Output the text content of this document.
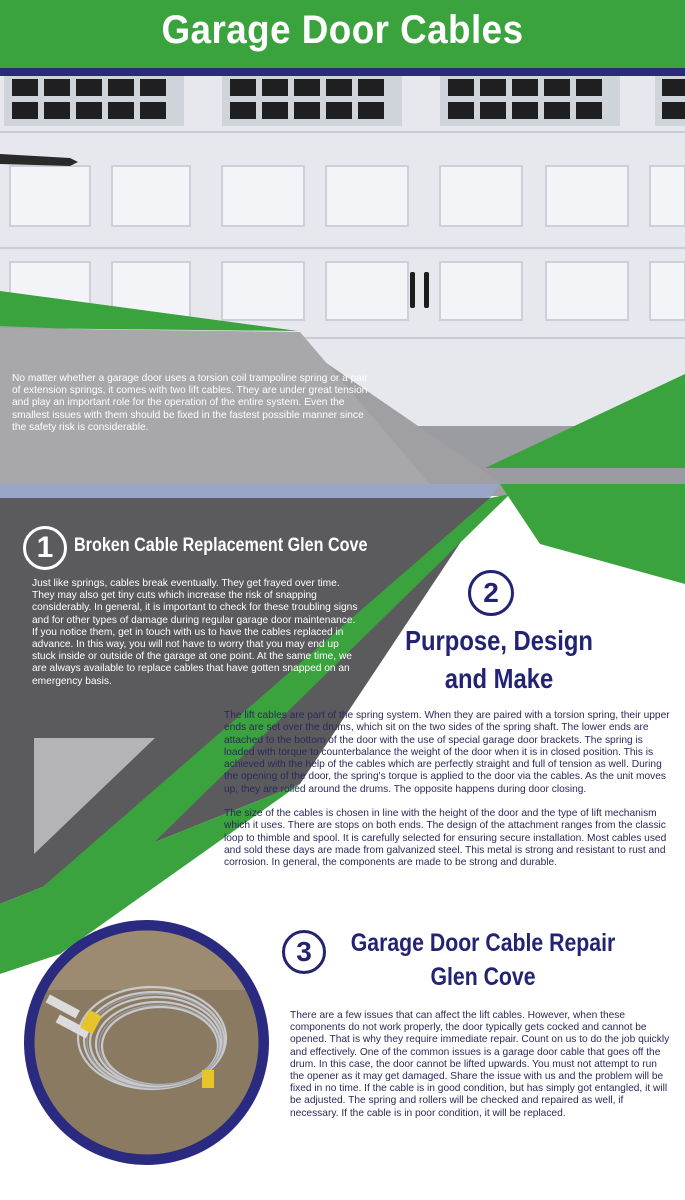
Garage Door Cables
No matter whether a garage door uses a torsion coil trampoline spring or a pair of extension springs, it comes with two lift cables. They are under great tension and play an important role for the operation of the entire system. Even the smallest issues with them should be fixed in the fastest possible manner since the safety risk is considerable.
1	Broken Cable Replacement Glen Cove
Just like springs, cables break eventually. They get frayed over time. They may also get tiny cuts which increase the risk of snapping considerably. In general, it is important to check for these troubling signs and for other types of damage during regular garage door maintenance. If you notice them, get in touch with us to have the cables replaced in advance. In this way, you will not have to worry that you may end up stuck inside or outside of the garage at one point. At the same time, we are always available to replace cables that have gotten snapped on an emergency basis.
2
Purpose, Design
and Make

The lift cables are part of the spring system. When they are paired with a torsion spring, their upper ends are set over the drums, which sit on the two sides of the spring shaft. The lower ends are attached to the bottom of the door with the use of special garage door brackets. The spring is loaded with torque to counterbalance the weight of the door when it is in closed position. This is achieved with the help of the cables which are perfectly straight and full of tension as well. During the opening of the door, the spring's torque is applied to the door via the cables. As the unit moves up, they are rolled around the drums. The opposite happens during door closing.

The size of the cables is chosen in line with the height of the door and the type of lift mechanism which it uses. There are stops on both ends. The design of the attachment ranges from the classic loop to thimble and spool. It is carefully selected for ensuring secure installation. Most cables used and sold these days are made from galvanized steel. This metal is strong and resistant to rust and corrosion. In general, the components are made to be strong and durable.

3	Garage Door Cable Repair
Glen Cove
There are a few issues that can affect the lift cables. However, when these components do not work properly, the door typically gets cocked and cannot be opened. That is why they require immediate repair. Count on us to do the job quickly and effectively. One of the common issues is a garage door cable that goes off the drum. In this case, the door cannot be lifted upwards. You must not attempt to run the opener as it may get damaged. Share the issue with us and the problem will be fixed in no time. If the cable is in good condition, but has simply got entangled, it will be adjusted. The spring and rollers will be checked and repaired as well, if necessary. If the cable is in poor condition, it will be replaced.
